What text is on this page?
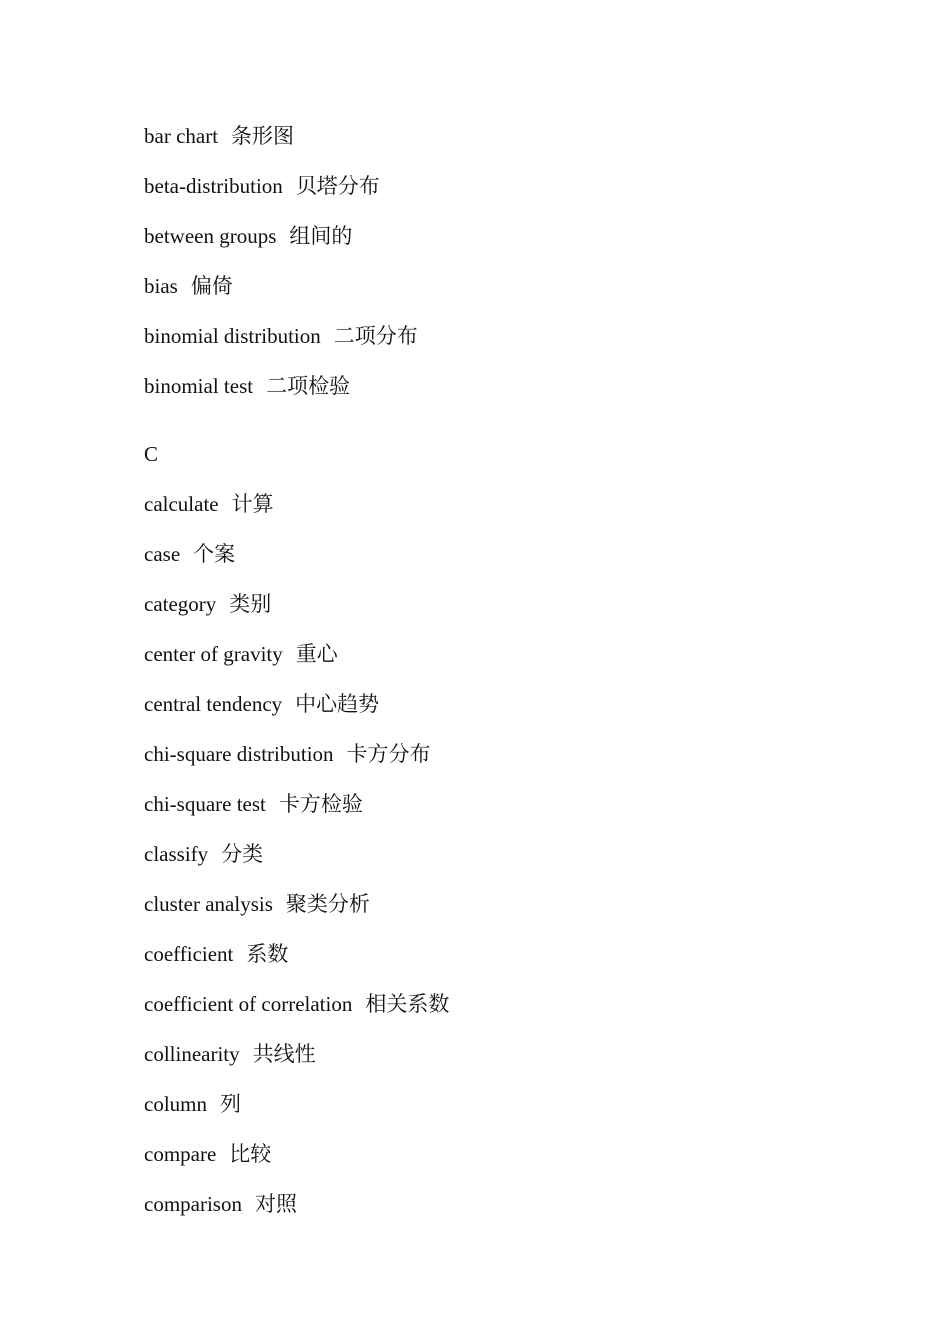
bar chart 条形图
beta-distribution 贝塔分布
between groups 组间的
bias 偏倚
binomial distribution 二项分布
binomial test 二项检验
C
calculate 计算
case 个案
category 类别
center of gravity 重心
central tendency 中心趋势
chi-square distribution 卡方分布
chi-square test 卡方检验
classify 分类
cluster analysis 聚类分析
coefficient 系数
coefficient of correlation 相关系数
collinearity 共线性
column 列
compare 比较
comparison 对照
